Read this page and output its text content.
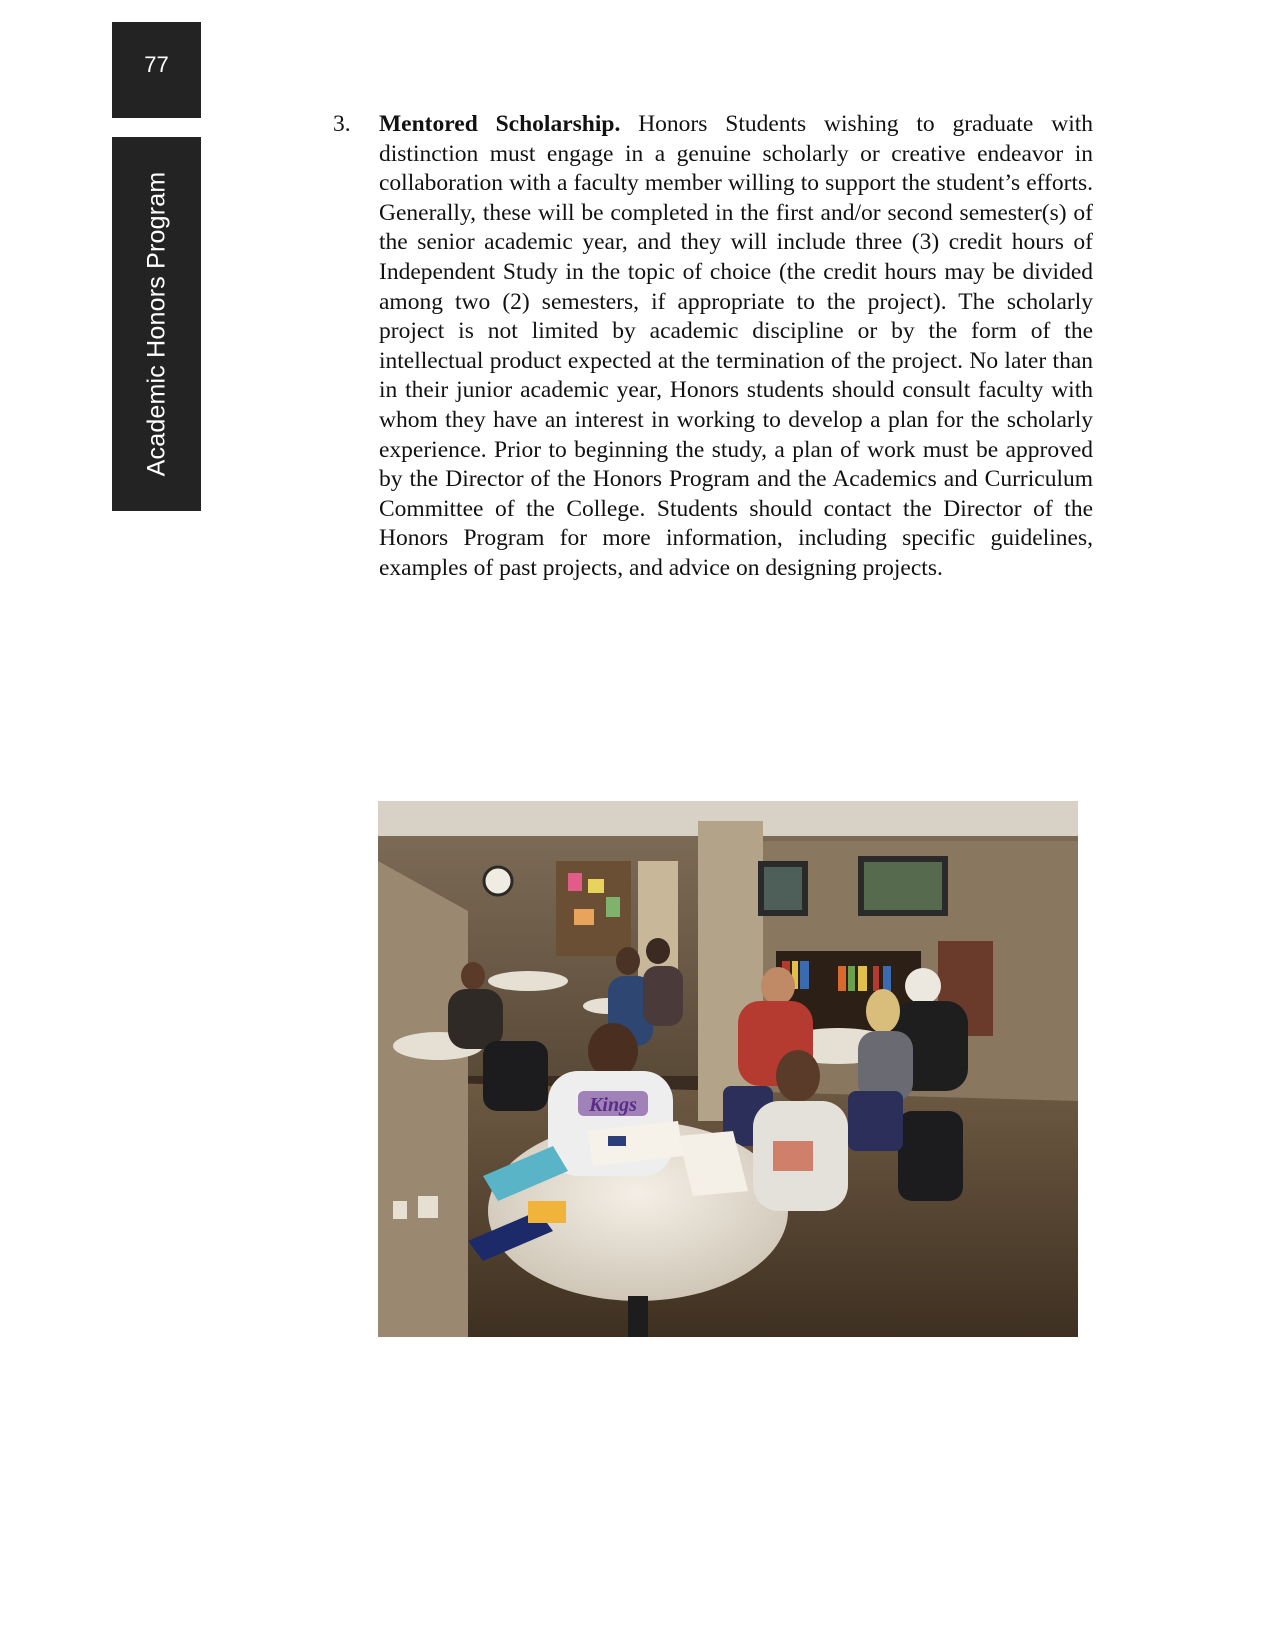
77
Academic Honors Program
3. Mentored Scholarship. Honors Students wishing to graduate with distinction must engage in a genuine scholarly or creative endeavor in collaboration with a faculty member willing to support the student’s efforts. Generally, these will be completed in the first and/or second semester(s) of the senior academic year, and they will include three (3) credit hours of Independent Study in the topic of choice (the credit hours may be divided among two (2) semesters, if appropriate to the project). The scholarly project is not limited by academic discipline or by the form of the intellectual product expected at the termination of the project. No later than in their junior academic year, Honors students should consult faculty with whom they have an interest in working to develop a plan for the scholarly experience. Prior to beginning the study, a plan of work must be approved by the Director of the Honors Program and the Academics and Curriculum Committee of the College. Students should contact the Director of the Honors Program for more information, including specific guidelines, examples of past projects, and advice on designing projects.
Kings
